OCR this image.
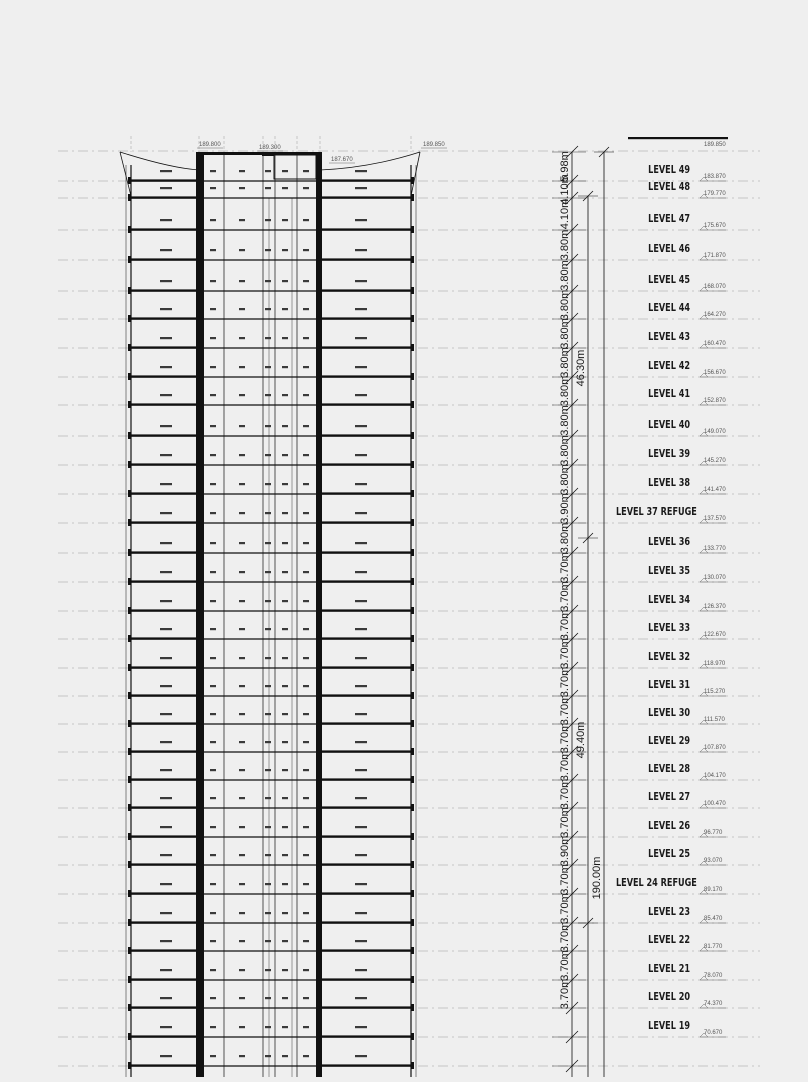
5.98m
4.10m
4.10m
3.80m
3.80m
3.80m
3.80m
3.80m
3.80m
3.80m
3.80m
3.80m
3.90m
3.80m
3.70m
3.70m
3.70m
3.70m
3.70m
3.70m
3.70m
3.70m
3.70m
3.70m
3.90m
3.70m
3.70m
3.70m
3.70m
3.70m
46.30m
49.40m
190.00m
LEVEL 49
183.870
LEVEL 48
179.770
LEVEL 47
175.670
LEVEL 46
171.870
LEVEL 45
168.070
LEVEL 44
164.270
LEVEL 43
160.470
LEVEL 42
156.670
LEVEL 41
152.870
LEVEL 40
149.070
LEVEL 39
145.270
LEVEL 38
141.470
LEVEL 37 REFUGE
137.570
LEVEL 36
133.770
LEVEL 35
130.070
LEVEL 34
126.370
LEVEL 33
122.670
LEVEL 32
118.970
LEVEL 31
115.270
LEVEL 30
111.570
LEVEL 29
107.870
LEVEL 28
104.170
LEVEL 27
100.470
LEVEL 26
96.770
LEVEL 25
93.070
LEVEL 24 REFUGE
89.170
LEVEL 23
85.470
LEVEL 22
81.770
LEVEL 21
78.070
LEVEL 20
74.370
LEVEL 19
70.670
189.850
189.800	189.300
187.670
189.850
